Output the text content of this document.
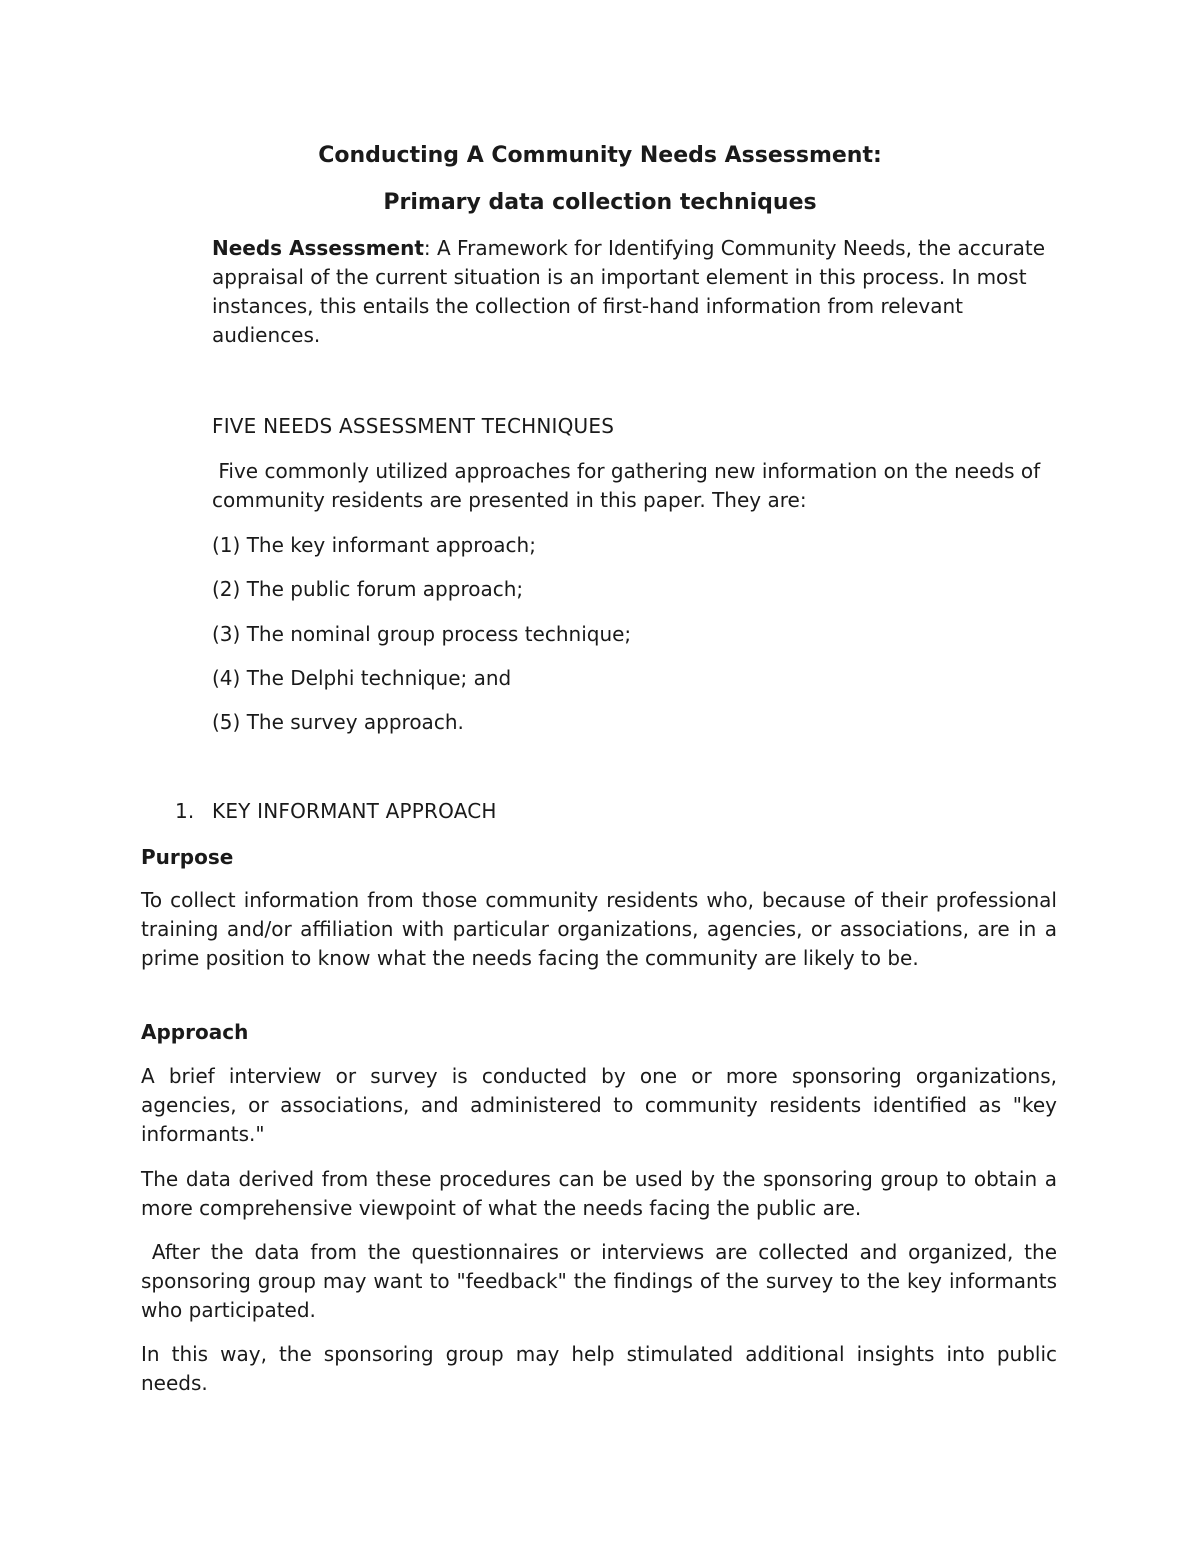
Conducting A Community Needs Assessment:
Primary data collection techniques

Needs Assessment: A Framework for Identifying Community Needs, the accurate appraisal of the current situation is an important element in this process. In most instances, this entails the collection of first-hand information from relevant audiences.

FIVE NEEDS ASSESSMENT TECHNIQUES

Five commonly utilized approaches for gathering new information on the needs of community residents are presented in this paper. They are:

(1) The key informant approach;

(2) The public forum approach;

(3) The nominal group process technique;

(4) The Delphi technique; and

(5) The survey approach.

1. KEY INFORMANT APPROACH

Purpose

To collect information from those community residents who, because of their professional training and/or affiliation with particular organizations, agencies, or associations, are in a prime position to know what the needs facing the community are likely to be.

Approach

A brief interview or survey is conducted by one or more sponsoring organizations, agencies, or associations, and administered to community residents identified as "key informants."

The data derived from these procedures can be used by the sponsoring group to obtain a more comprehensive viewpoint of what the needs facing the public are.

After the data from the questionnaires or interviews are collected and organized, the sponsoring group may want to "feedback" the findings of the survey to the key informants who participated.

In this way, the sponsoring group may help stimulated additional insights into public needs.
